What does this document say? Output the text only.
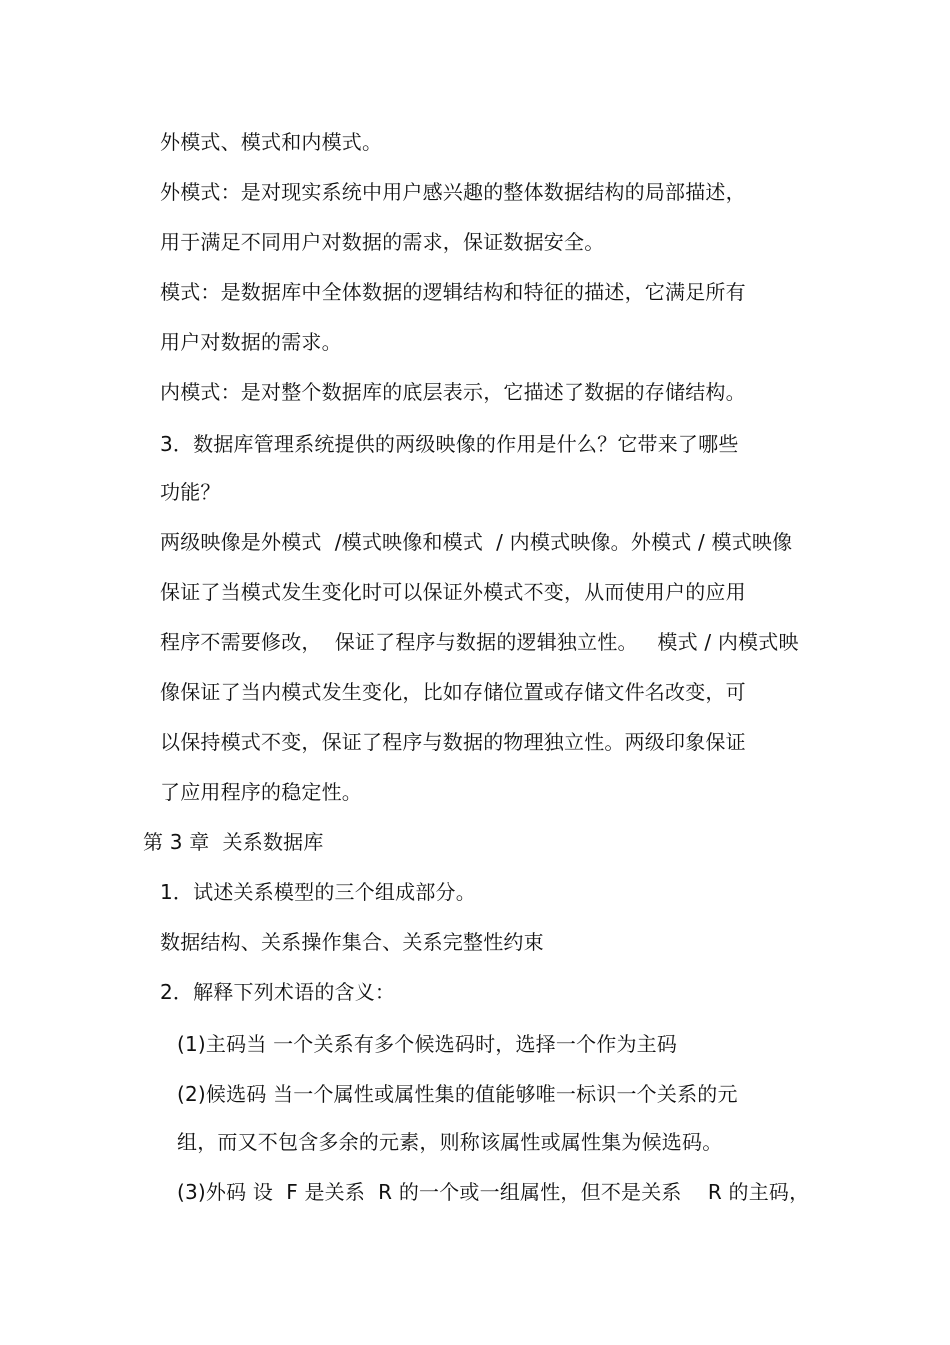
外模式、模式和内模式。
外模式：是对现实系统中用户感兴趣的整体数据结构的局部描述，
用于满足不同用户对数据的需求，保证数据安全。
模式：是数据库中全体数据的逻辑结构和特征的描述，它满足所有
用户对数据的需求。
内模式：是对整个数据库的底层表示，它描述了数据的存储结构。
3．数据库管理系统提供的两级映像的作用是什么？它带来了哪些
功能？
两级映像是外模式  /模式映像和模式  / 内模式映像。外模式 / 模式映像
保证了当模式发生变化时可以保证外模式不变，从而使用户的应用
程序不需要修改，  保证了程序与数据的逻辑独立性。   模式 / 内模式映
像保证了当内模式发生变化，比如存储位置或存储文件名改变，可
以保持模式不变，保证了程序与数据的物理独立性。两级印象保证
了应用程序的稳定性。
第 3 章  关系数据库
1．试述关系模型的三个组成部分。
数据结构、关系操作集合、关系完整性约束
2．解释下列术语的含义：
(1)主码当 一个关系有多个候选码时，选择一个作为主码
(2)候选码 当一个属性或属性集的值能够唯一标识一个关系的元
组，而又不包含多余的元素，则称该属性或属性集为候选码。
(3)外码 设  F 是关系  R 的一个或一组属性，但不是关系    R 的主码，
